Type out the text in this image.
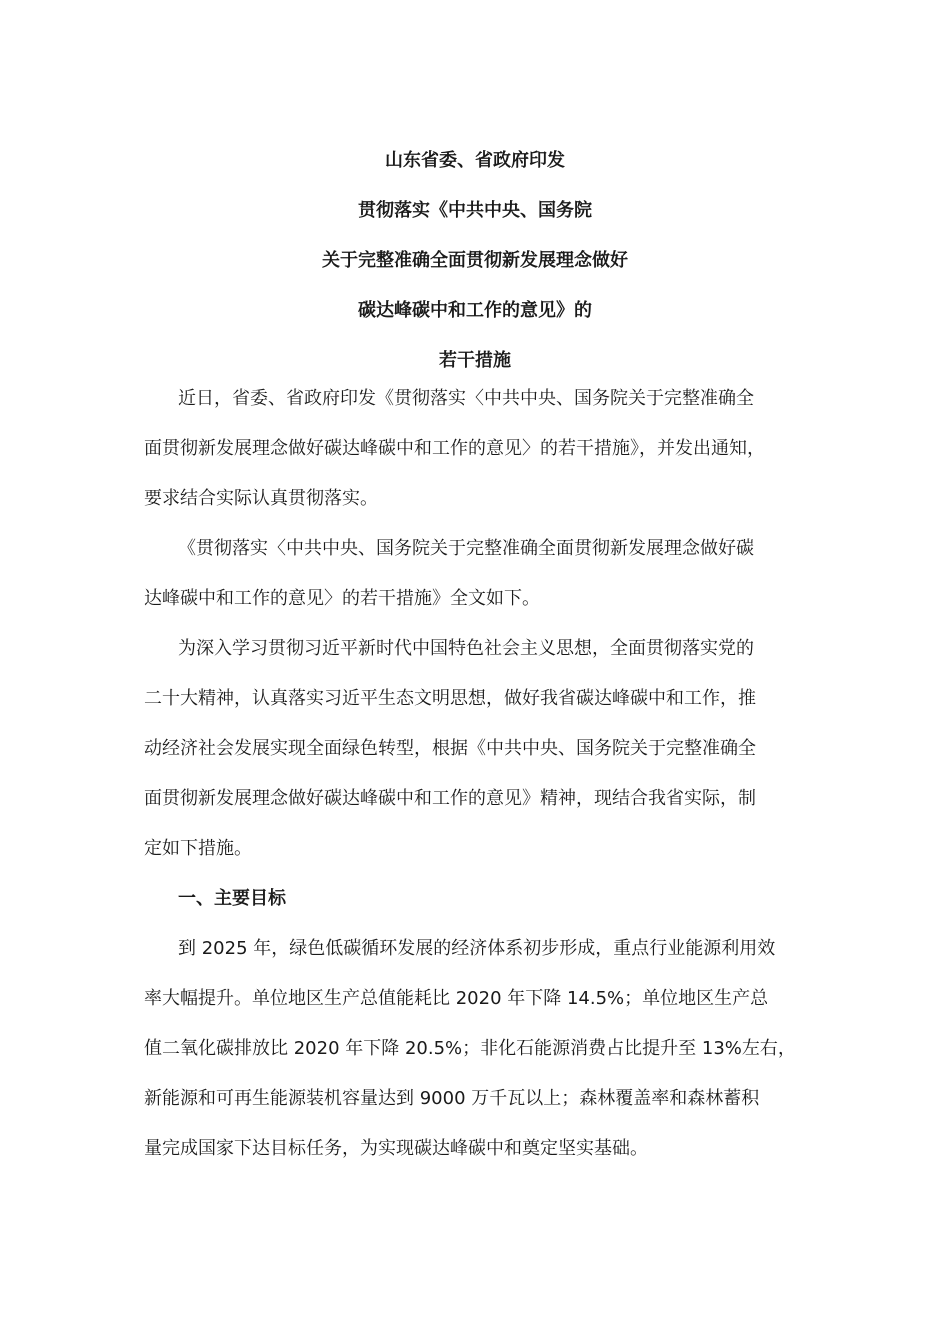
山东省委、省政府印发
贯彻落实《中共中央、国务院
关于完整准确全面贯彻新发展理念做好
碳达峰碳中和工作的意见》的
若干措施
近日，省委、省政府印发《贯彻落实〈中共中央、国务院关于完整准确全
面贯彻新发展理念做好碳达峰碳中和工作的意见〉的若干措施》，并发出通知，
要求结合实际认真贯彻落实。
《贯彻落实〈中共中央、国务院关于完整准确全面贯彻新发展理念做好碳
达峰碳中和工作的意见〉的若干措施》全文如下。
为深入学习贯彻习近平新时代中国特色社会主义思想，全面贯彻落实党的
二十大精神，认真落实习近平生态文明思想，做好我省碳达峰碳中和工作，推
动经济社会发展实现全面绿色转型，根据《中共中央、国务院关于完整准确全
面贯彻新发展理念做好碳达峰碳中和工作的意见》精神，现结合我省实际，制
定如下措施。
一、主要目标
到 2025 年，绿色低碳循环发展的经济体系初步形成，重点行业能源利用效
率大幅提升。单位地区生产总值能耗比 2020 年下降 14.5%；单位地区生产总
值二氧化碳排放比 2020 年下降 20.5%；非化石能源消费占比提升至 13%左右，
新能源和可再生能源装机容量达到 9000 万千瓦以上；森林覆盖率和森林蓄积
量完成国家下达目标任务，为实现碳达峰碳中和奠定坚实基础。
